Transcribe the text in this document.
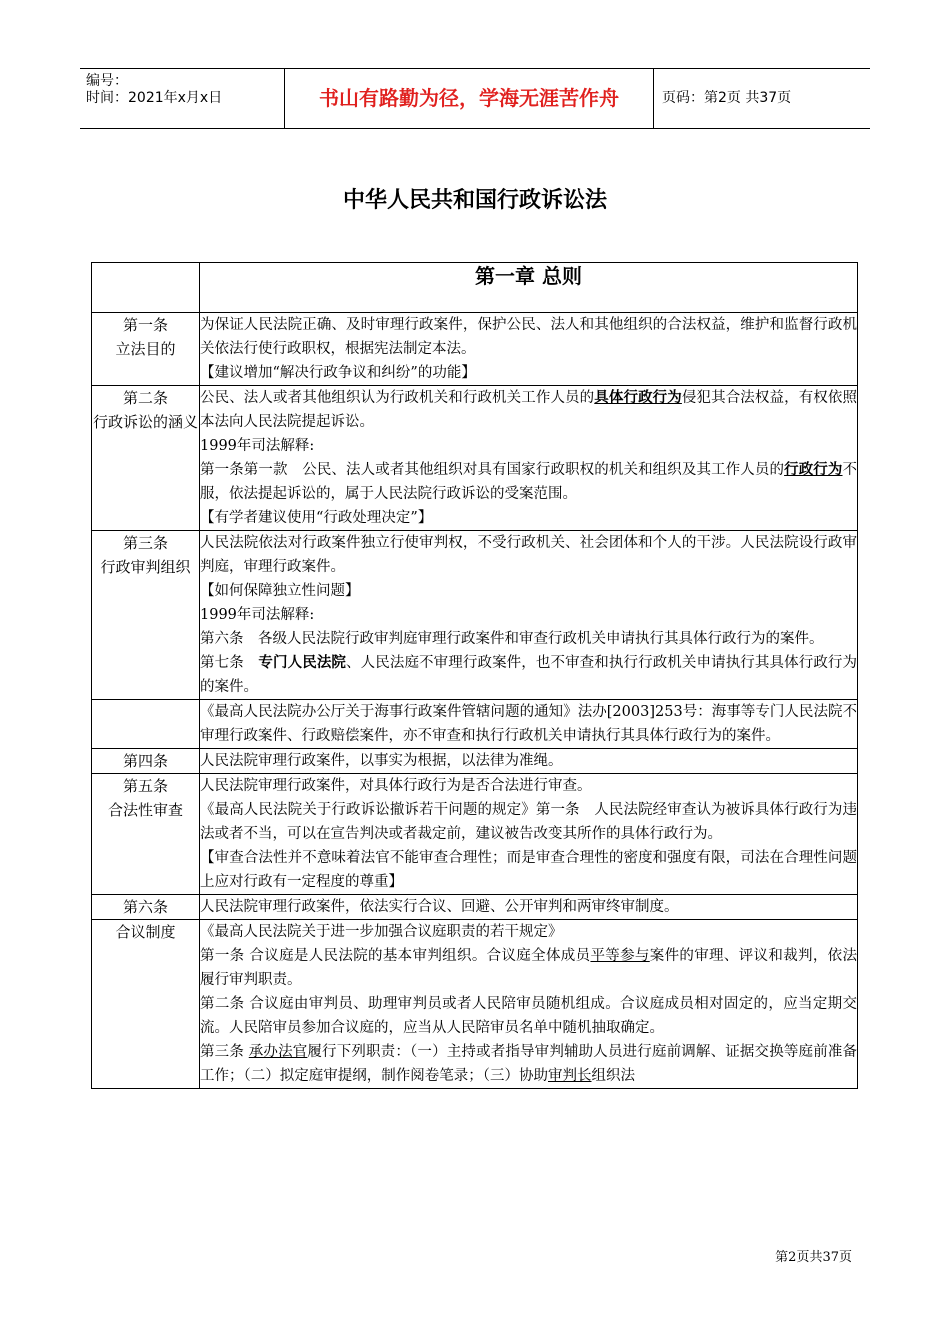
编号：
时间：2021年x月x日	书山有路勤为径，学海无涯苦作舟	页码：第2页 共37页
中华人民共和国行政诉讼法
	第一章 总则

第一条
立法目的	为保证人民法院正确、及时审理行政案件，保护公民、法人和其他组织的合法权益，维护和监督行政机关依法行使行政职权，根据宪法制定本法。
【建议增加“解决行政争议和纠纷”的功能】

第二条
行政诉讼的涵义	公民、法人或者其他组织认为行政机关和行政机关工作人员的具体行政行为侵犯其合法权益，有权依照本法向人民法院提起诉讼。
1999年司法解释:
第一条第一款　公民、法人或者其他组织对具有国家行政职权的机关和组织及其工作人员的行政行为不服，依法提起诉讼的，属于人民法院行政诉讼的受案范围。
【有学者建议使用“行政处理决定”】

第三条
行政审判组织	人民法院依法对行政案件独立行使审判权，不受行政机关、社会团体和个人的干涉。人民法院设行政审判庭，审理行政案件。
【如何保障独立性问题】
1999年司法解释:
第六条　各级人民法院行政审判庭审理行政案件和审查行政机关申请执行其具体行政行为的案件。
第七条　专门人民法院、人民法庭不审理行政案件，也不审查和执行行政机关申请执行其具体行政行为的案件。

	《最高人民法院办公厅关于海事行政案件管辖问题的通知》法办[2003]253号：海事等专门人民法院不审理行政案件、行政赔偿案件，亦不审查和执行行政机关申请执行其具体行政行为的案件。

第四条	人民法院审理行政案件，以事实为根据，以法律为准绳。

第五条
合法性审查	人民法院审理行政案件，对具体行政行为是否合法进行审查。
《最高人民法院关于行政诉讼撤诉若干问题的规定》第一条　人民法院经审查认为被诉具体行政行为违法或者不当，可以在宣告判决或者裁定前，建议被告改变其所作的具体行政行为。
【审查合法性并不意味着法官不能审查合理性；而是审查合理性的密度和强度有限，司法在合理性问题上应对行政有一定程度的尊重】

第六条	人民法院审理行政案件，依法实行合议、回避、公开审判和两审终审制度。

合议制度	《最高人民法院关于进一步加强合议庭职责的若干规定》
第一条 合议庭是人民法院的基本审判组织。合议庭全体成员平等参与案件的审理、评议和裁判，依法履行审判职责。
第二条 合议庭由审判员、助理审判员或者人民陪审员随机组成。合议庭成员相对固定的，应当定期交流。人民陪审员参加合议庭的，应当从人民陪审员名单中随机抽取确定。
第三条 承办法官履行下列职责：（一）主持或者指导审判辅助人员进行庭前调解、证据交换等庭前准备工作；（二）拟定庭审提纲，制作阅卷笔录；（三）协助审判长组织法
第2页共37页
